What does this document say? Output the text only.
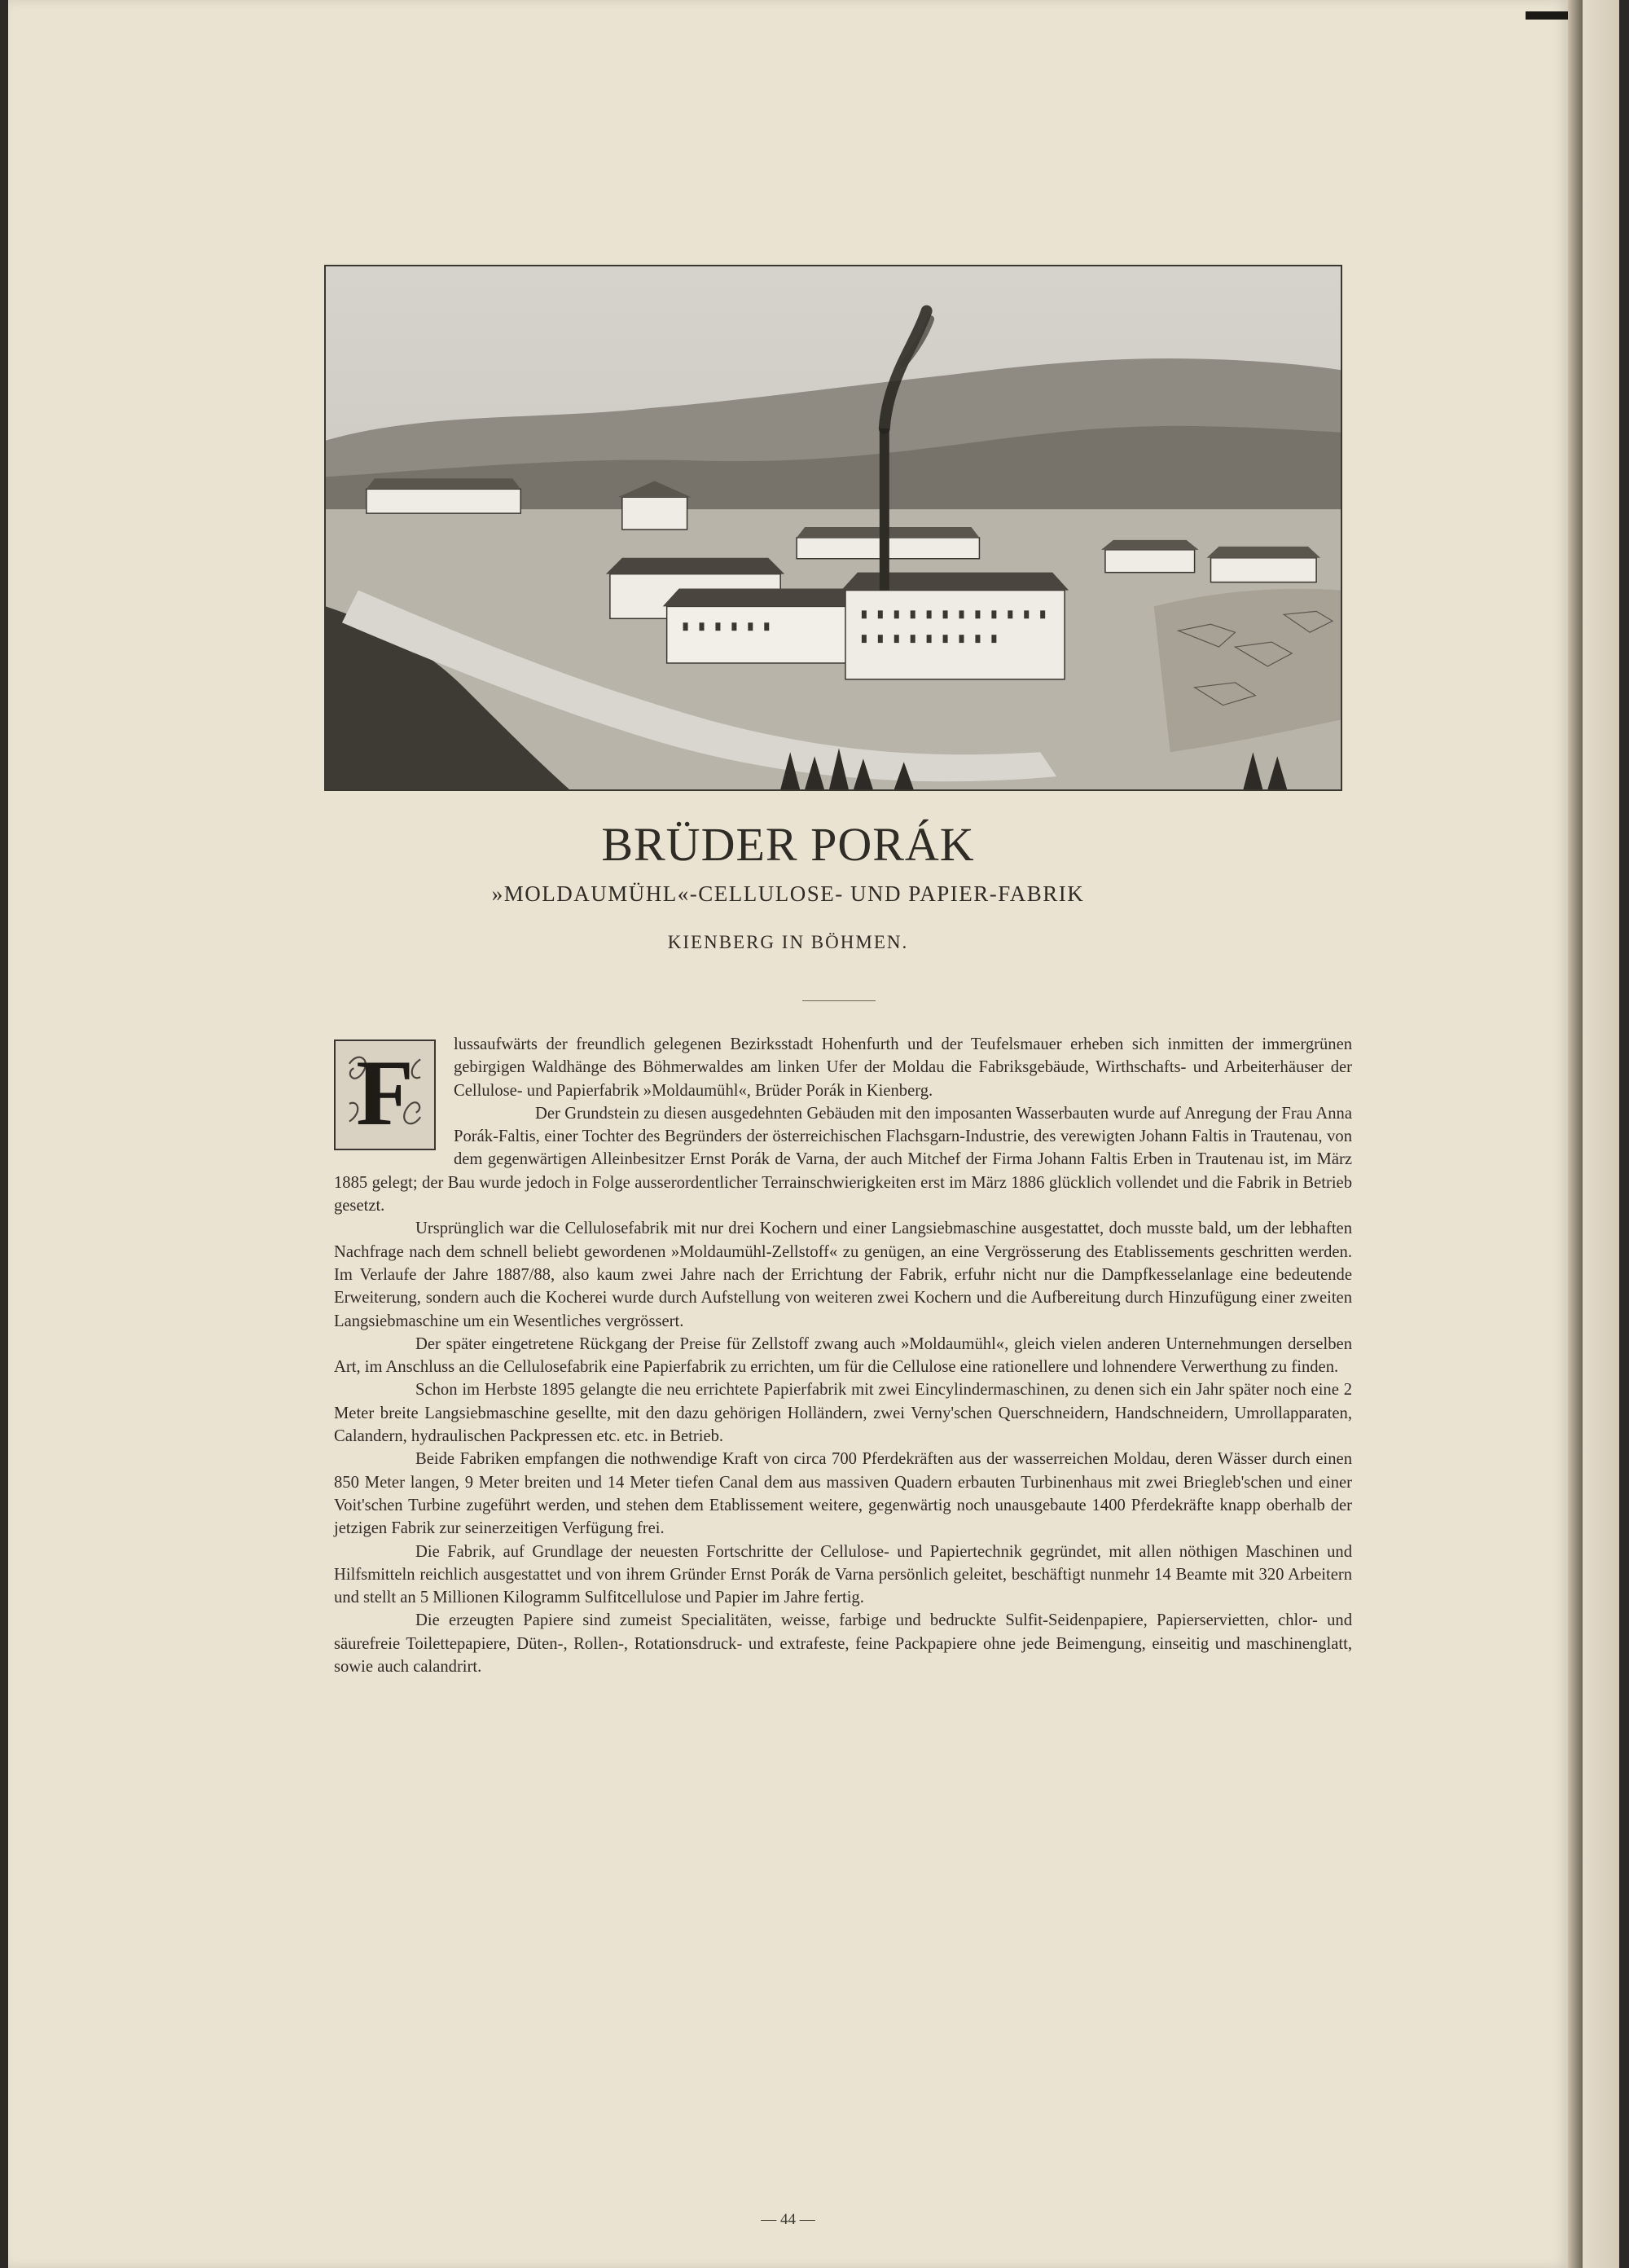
BRÜDER PORÁK
»MOLDAUMÜHL«-CELLULOSE- UND PAPIER-FABRIK
KIENBERG IN BÖHMEN.
F	lussaufwärts der freundlich gelegenen Bezirksstadt Hohenfurth und der Teufelsmauer erheben sich inmitten der immergrünen gebirgigen Waldhänge des Böhmerwaldes am linken Ufer der Moldau die Fabriksgebäude, Wirthschafts- und Arbeiterhäuser der Cellulose- und Papierfabrik »Moldaumühl«, Brüder Porák in Kienberg.

Der Grundstein zu diesen ausgedehnten Gebäuden mit den imposanten Wasserbauten wurde auf Anregung der Frau Anna Porák-Faltis, einer Tochter des Begründers der österreichischen Flachsgarn-Industrie, des verewigten Johann Faltis in Trautenau, von dem gegenwärtigen Alleinbesitzer Ernst Porák de Varna, der auch Mitchef der Firma Johann Faltis Erben in Trautenau ist, im März 1885 gelegt; der Bau wurde jedoch in Folge ausserordentlicher Terrainschwierigkeiten erst im März 1886 glücklich vollendet und die Fabrik in Betrieb gesetzt.

Ursprünglich war die Cellulosefabrik mit nur drei Kochern und einer Langsiebmaschine ausgestattet, doch musste bald, um der lebhaften Nachfrage nach dem schnell beliebt gewordenen »Moldaumühl-Zellstoff« zu genügen, an eine Vergrösserung des Etablissements geschritten werden. Im Verlaufe der Jahre 1887/88, also kaum zwei Jahre nach der Errichtung der Fabrik, erfuhr nicht nur die Dampfkesselanlage eine bedeutende Erweiterung, sondern auch die Kocherei wurde durch Aufstellung von weiteren zwei Kochern und die Aufbereitung durch Hinzufügung einer zweiten Langsiebmaschine um ein Wesentliches vergrössert.

Der später eingetretene Rückgang der Preise für Zellstoff zwang auch »Moldaumühl«, gleich vielen anderen Unternehmungen derselben Art, im Anschluss an die Cellulosefabrik eine Papierfabrik zu errichten, um für die Cellulose eine rationellere und lohnendere Verwerthung zu finden.

Schon im Herbste 1895 gelangte die neu errichtete Papierfabrik mit zwei Eincylindermaschinen, zu denen sich ein Jahr später noch eine 2 Meter breite Langsiebmaschine gesellte, mit den dazu gehörigen Holländern, zwei Verny'schen Querschneidern, Handschneidern, Umrollapparaten, Calandern, hydraulischen Packpressen etc. etc. in Betrieb.

Beide Fabriken empfangen die nothwendige Kraft von circa 700 Pferdekräften aus der wasserreichen Moldau, deren Wässer durch einen 850 Meter langen, 9 Meter breiten und 14 Meter tiefen Canal dem aus massiven Quadern erbauten Turbinenhaus mit zwei Briegleb'schen und einer Voit'schen Turbine zugeführt werden, und stehen dem Etablissement weitere, gegenwärtig noch unausgebaute 1400 Pferdekräfte knapp oberhalb der jetzigen Fabrik zur seinerzeitigen Verfügung frei.

Die Fabrik, auf Grundlage der neuesten Fortschritte der Cellulose- und Papiertechnik gegründet, mit allen nöthigen Maschinen und Hilfsmitteln reichlich ausgestattet und von ihrem Gründer Ernst Porák de Varna persönlich geleitet, beschäftigt nunmehr 14 Beamte mit 320 Arbeitern und stellt an 5 Millionen Kilogramm Sulfitcellulose und Papier im Jahre fertig.

Die erzeugten Papiere sind zumeist Specialitäten, weisse, farbige und bedruckte Sulfit-Seidenpapiere, Papierservietten, chlor- und säurefreie Toilettepapiere, Düten-, Rollen-, Rotationsdruck- und extrafeste, feine Packpapiere ohne jede Beimengung, einseitig und maschinenglatt, sowie auch calandrirt.

— 44 —
